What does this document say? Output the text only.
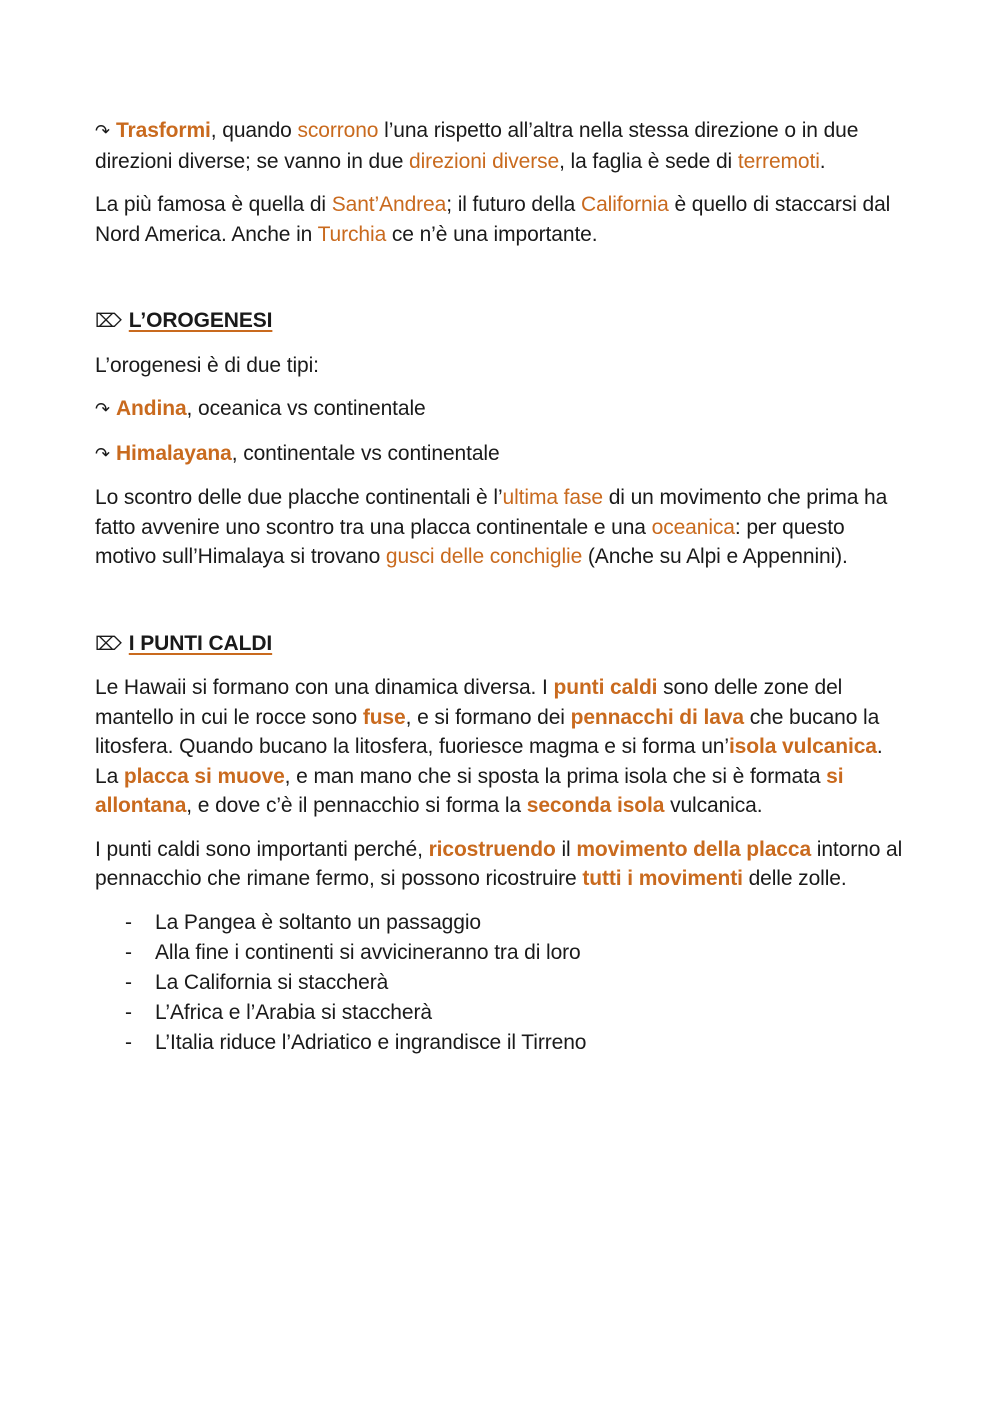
↷ Trasformi, quando scorrono l’una rispetto all’altra nella stessa direzione o in due direzioni diverse; se vanno in due direzioni diverse, la faglia è sede di terremoti.

La più famosa è quella di Sant’Andrea; il futuro della California è quello di staccarsi dal Nord America. Anche in Turchia ce n’è una importante.

⌦ L’OROGENESI

L’orogenesi è di due tipi:

↷ Andina, oceanica vs continentale

↷ Himalayana, continentale vs continentale

Lo scontro delle due placche continentali è l’ultima fase di un movimento che prima ha fatto avvenire uno scontro tra una placca continentale e una oceanica: per questo motivo sull’Himalaya si trovano gusci delle conchiglie (Anche su Alpi e Appennini).

⌦ I PUNTI CALDI

Le Hawaii si formano con una dinamica diversa. I punti caldi sono delle zone del mantello in cui le rocce sono fuse, e si formano dei pennacchi di lava che bucano la litosfera. Quando bucano la litosfera, fuoriesce magma e si forma un’isola vulcanica. La placca si muove, e man mano che si sposta la prima isola che si è formata si allontana, e dove c’è il pennacchio si forma la seconda isola vulcanica.

I punti caldi sono importanti perché, ricostruendo il movimento della placca intorno al pennacchio che rimane fermo, si possono ricostruire tutti i movimenti delle zolle.

- La Pangea è soltanto un passaggio
- Alla fine i continenti si avvicineranno tra di loro
- La California si staccherà
- L’Africa e l’Arabia si staccherà
- L’Italia riduce l’Adriatico e ingrandisce il Tirreno
